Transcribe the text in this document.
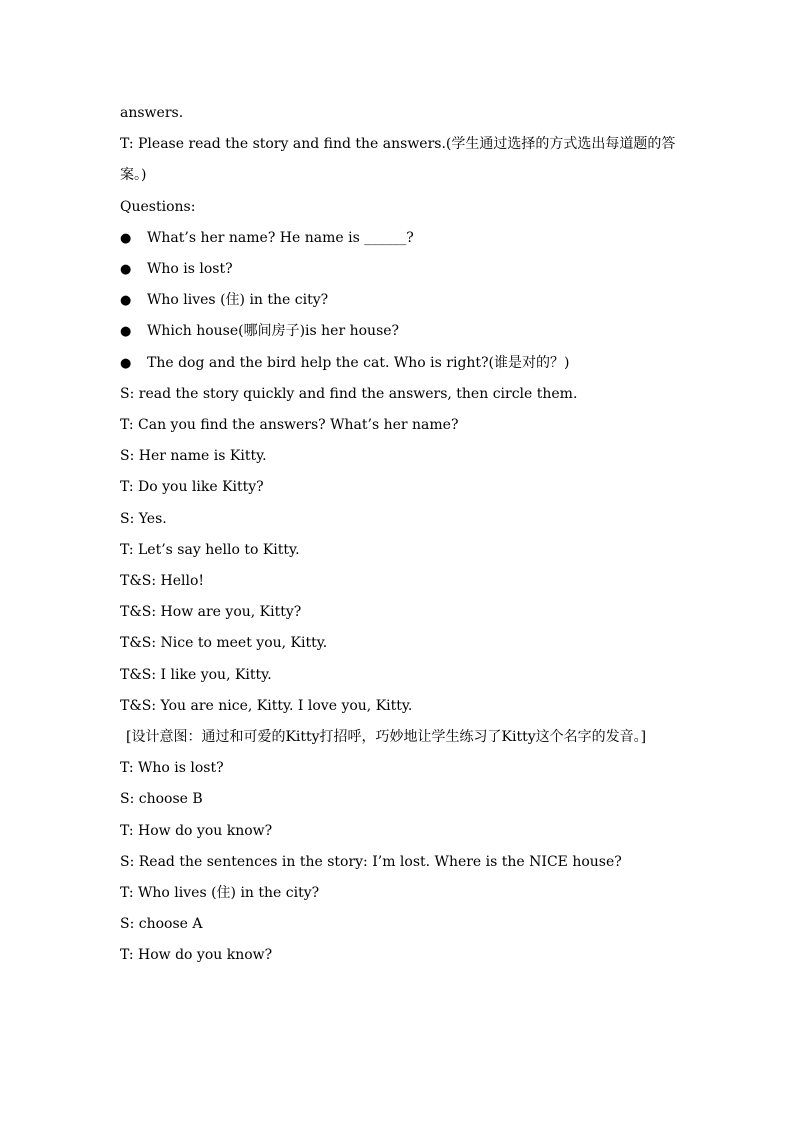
answers.
T: Please read the story and find the answers.(学生通过选择的方式选出每道题的答案。)
Questions:
●	What’s her name? He name is ______?
●	Who is lost?
●	Who lives (住) in the city?
●	Which house(哪间房子)is her house?
●	The dog and the bird help the cat. Who is right?(谁是对的？)
S: read the story quickly and find the answers, then circle them.
T: Can you find the answers? What’s her name?
S: Her name is Kitty.
T: Do you like Kitty?
S: Yes.
T: Let’s say hello to Kitty.
T&S: Hello!
T&S: How are you, Kitty?
T&S: Nice to meet you, Kitty.
T&S: I like you, Kitty.
T&S: You are nice, Kitty. I love you, Kitty.
[设计意图：通过和可爱的Kitty打招呼，巧妙地让学生练习了Kitty这个名字的发音。]
T: Who is lost?
S: choose B
T: How do you know?
S: Read the sentences in the story: I’m lost. Where is the NICE house?
T: Who lives (住) in the city?
S: choose A
T: How do you know?
